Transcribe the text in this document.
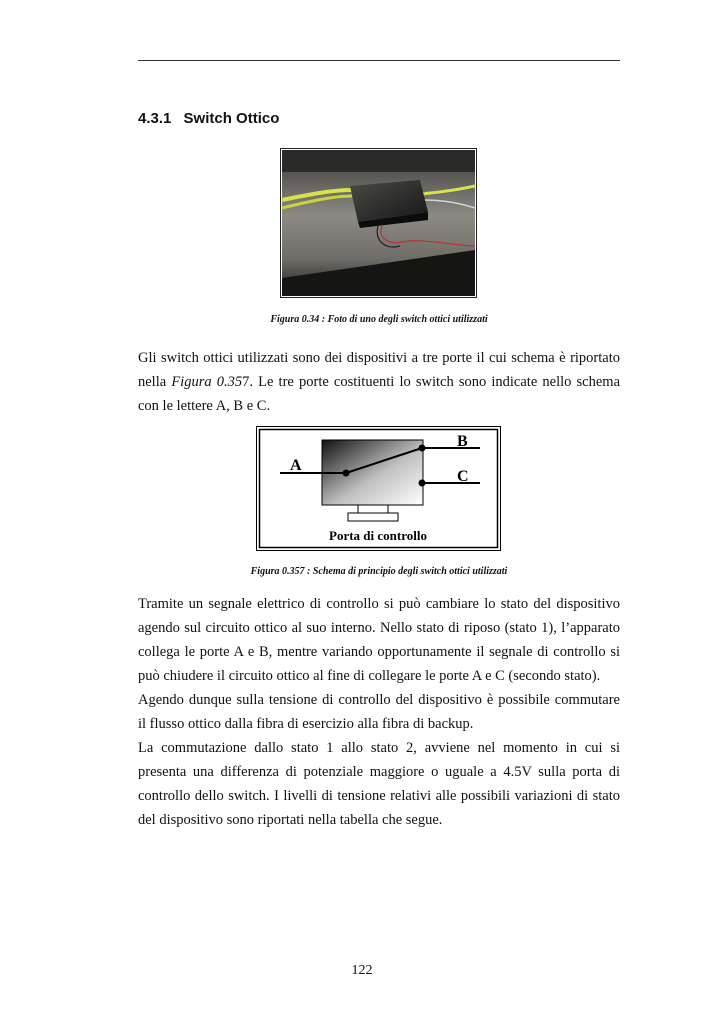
4.3.1 Switch Ottico
Figura 0.34 : Foto di uno degli switch ottici utilizzati
Gli switch ottici utilizzati sono dei dispositivi a tre porte il cui schema è riportato
nella Figura 0.357. Le tre porte costituenti lo switch sono indicate nello schema
con le lettere A, B e C.
A
B
C
Porta di controllo
Figura 0.357 : Schema di principio degli switch ottici utilizzati
Tramite un segnale elettrico di controllo si può cambiare lo stato del dispositivo
agendo sul circuito ottico al suo interno. Nello stato di riposo (stato 1), l’apparato
collega le porte A e B, mentre variando opportunamente il segnale di controllo si
può chiudere il circuito ottico al fine di collegare le porte A e C (secondo stato).
Agendo dunque sulla tensione di controllo del dispositivo è possibile commutare
il flusso ottico dalla fibra di esercizio alla fibra di backup.
La commutazione dallo stato 1 allo stato 2, avviene nel momento in cui si
presenta una differenza di potenziale maggiore o uguale a 4.5V sulla porta di
controllo dello switch. I livelli di tensione relativi alle possibili variazioni di stato
del dispositivo sono riportati nella tabella che segue.
122
